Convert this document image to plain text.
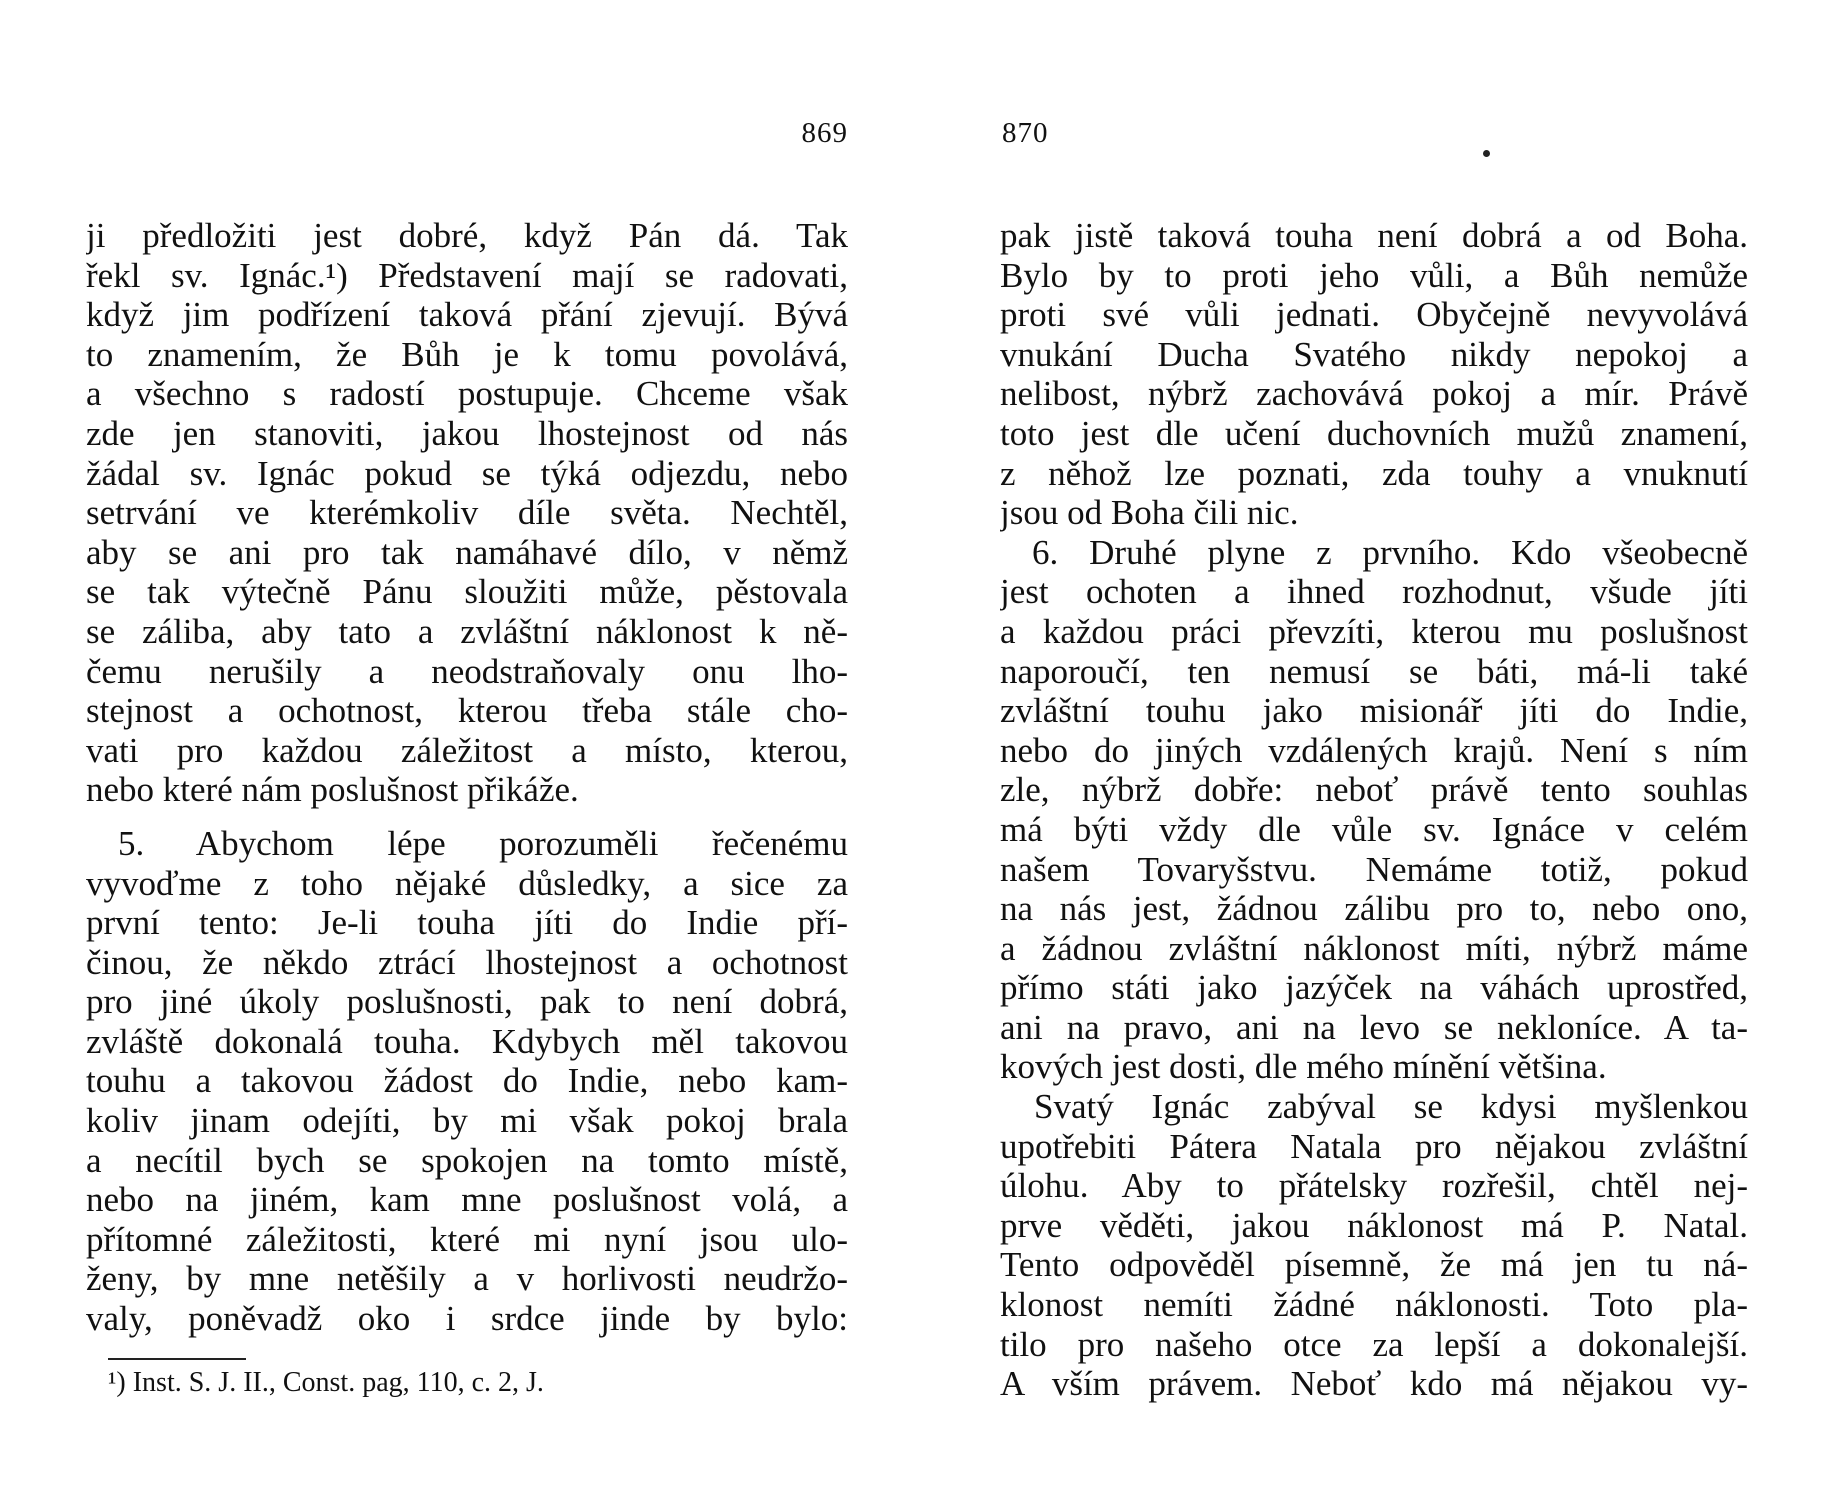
869
ji předložiti jest dobré, když Pán dá. Tak
řekl sv. Ignác.¹) Představení mají se radovati,
když jim podřízení taková přání zjevují. Bývá
to znamením, že Bůh je k tomu povolává,
a všechno s radostí postupuje. Chceme však
zde jen stanoviti, jakou lhostejnost od nás
žádal sv. Ignác pokud se týká odjezdu, nebo
setrvání ve kterémkoliv díle světa. Nechtěl,
aby se ani pro tak namáhavé dílo, v němž
se tak výtečně Pánu sloužiti může, pěstovala
se záliba, aby tato a zvláštní náklonost k ně-
čemu nerušily a neodstraňovaly onu lho-
stejnost a ochotnost, kterou třeba stále cho-
vati pro každou záležitost a místo, kterou,
nebo které nám poslušnost přikáže.
5. Abychom lépe porozuměli řečenému
vyvoďme z toho nějaké důsledky, a sice za
první tento: Je-li touha jíti do Indie pří-
činou, že někdo ztrácí lhostejnost a ochotnost
pro jiné úkoly poslušnosti, pak to není dobrá,
zvláště dokonalá touha. Kdybych měl takovou
touhu a takovou žádost do Indie, nebo kam-
koliv jinam odejíti, by mi však pokoj brala
a necítil bych se spokojen na tomto místě,
nebo na jiném, kam mne poslušnost volá, a
přítomné záležitosti, které mi nyní jsou ulo-
ženy, by mne netěšily a v horlivosti neudržo-
valy, poněvadž oko i srdce jinde by bylo:
¹) Inst. S. J. II., Const. pag, 110, c. 2, J.
870
pak jistě taková touha není dobrá a od Boha.
Bylo by to proti jeho vůli, a Bůh nemůže
proti své vůli jednati. Obyčejně nevyvolává
vnukání Ducha Svatého nikdy nepokoj a
nelibost, nýbrž zachovává pokoj a mír. Právě
toto jest dle učení duchovních mužů znamení,
z něhož lze poznati, zda touhy a vnuknutí
jsou od Boha čili nic.
6. Druhé plyne z prvního. Kdo všeobecně
jest ochoten a ihned rozhodnut, všude jíti
a každou práci převzíti, kterou mu poslušnost
naporoučí, ten nemusí se báti, má-li také
zvláštní touhu jako misionář jíti do Indie,
nebo do jiných vzdálených krajů. Není s ním
zle, nýbrž dobře: neboť právě tento souhlas
má býti vždy dle vůle sv. Ignáce v celém
našem Tovaryšstvu. Nemáme totiž, pokud
na nás jest, žádnou zálibu pro to, nebo ono,
a žádnou zvláštní náklonost míti, nýbrž máme
přímo státi jako jazýček na váhách uprostřed,
ani na pravo, ani na levo se nekloníce. A ta-
kových jest dosti, dle mého mínění většina.
Svatý Ignác zabýval se kdysi myšlenkou
upotřebiti Pátera Natala pro nějakou zvláštní
úlohu. Aby to přátelsky rozřešil, chtěl nej-
prve věděti, jakou náklonost má P. Natal.
Tento odpověděl písemně, že má jen tu ná-
klonost nemíti žádné náklonosti. Toto pla-
tilo pro našeho otce za lepší a dokonalejší.
A vším právem. Neboť kdo má nějakou vy-
